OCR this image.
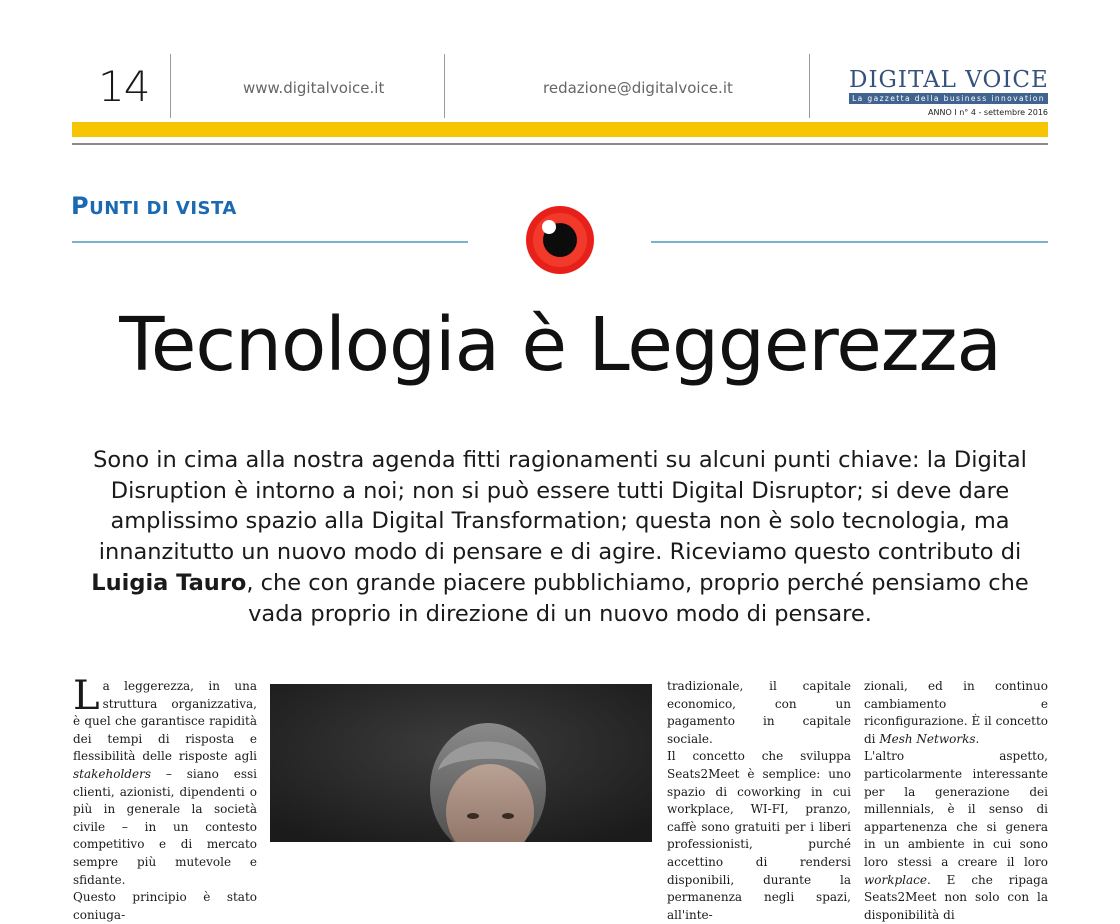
14	www.digitalvoice.it	redazione@digitalvoice.it	DIGITAL VOICE
La gazzetta della business innovation
ANNO I n° 4 - settembre 2016
PUNTI DI VISTA
Tecnologia è Leggerezza
Sono in cima alla nostra agenda fitti ragionamenti su alcuni punti chiave: la Digital Disruption è intorno a noi; non si può essere tutti Digital Disruptor; si deve dare amplissimo spazio alla Digital Transformation; questa non è solo tecnologia, ma innanzitutto un nuovo modo di pensare e di agire. Riceviamo questo contributo di Luigia Tauro, che con grande piacere pubblichiamo, proprio perché pensiamo che vada proprio in direzione di un nuovo modo di pensare.

La leggerezza, in una struttura organizzativa, è quel che garantisce rapidità dei tempi di risposta e flessibilità delle risposte agli stakeholders – siano essi clienti, azionisti, dipendenti o più in generale la società civile – in un contesto competitivo e di mercato sempre più mutevole e sfidante.

Questo principio è stato coniuga-

tradizionale, il capitale economico, con un pagamento in capitale sociale.

Il concetto che sviluppa Seats2Meet è semplice: uno spazio di coworking in cui workplace, WI-FI, pranzo, caffè sono gratuiti per i liberi professionisti, purché accettino di rendersi disponibili, durante la permanenza negli spazi, all'inte-

zionali, ed in continuo cambiamento e riconfigurazione. È il concetto di Mesh Networks.

L'altro aspetto, particolarmente interessante per la generazione dei millennials, è il senso di appartenenza che si genera in un ambiente in cui sono loro stessi a creare il loro workplace. E che ripaga Seats2Meet non solo con la disponibilità di
